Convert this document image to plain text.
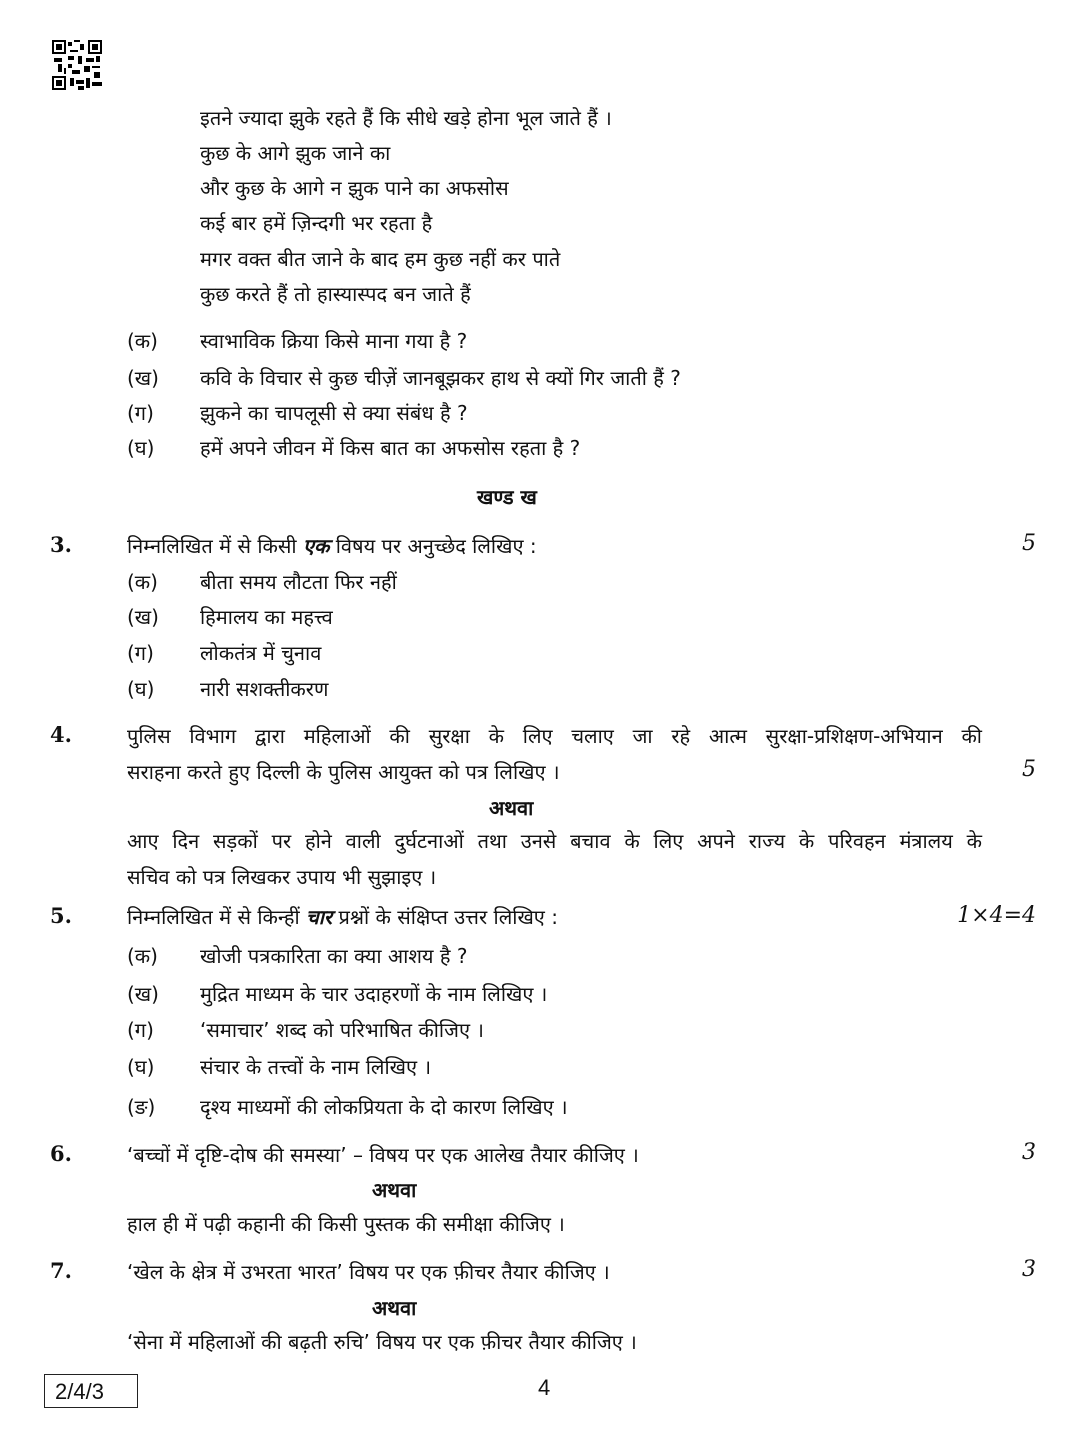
इतने ज्यादा झुके रहते हैं कि सीधे खड़े होना भूल जाते हैं ।
कुछ के आगे झुक जाने का
और कुछ के आगे न झुक पाने का अफसोस
कई बार हमें ज़िन्दगी भर रहता है
मगर वक्त बीत जाने के बाद हम कुछ नहीं कर पाते
कुछ करते हैं तो हास्यास्पद बन जाते हैं
(क) स्वाभाविक क्रिया किसे माना गया है ?
(ख) कवि के विचार से कुछ चीज़ें जानबूझकर हाथ से क्यों गिर जाती हैं ?
(ग) झुकने का चापलूसी से क्या संबंध है ?
(घ) हमें अपने जीवन में किस बात का अफसोस रहता है ?
खण्ड ख
3.	निम्नलिखित में से किसी एक विषय पर अनुच्छेद लिखिए :	5
(क) बीता समय लौटता फिर नहीं
(ख) हिमालय का महत्त्व
(ग) लोकतंत्र में चुनाव
(घ) नारी सशक्तीकरण
4.	पुलिस विभाग द्वारा महिलाओं की सुरक्षा के लिए चलाए जा रहे आत्म सुरक्षा-प्रशिक्षण-अभियान की
सराहना करते हुए दिल्ली के पुलिस आयुक्त को पत्र लिखिए ।	5
अथवा
आए दिन सड़कों पर होने वाली दुर्घटनाओं तथा उनसे बचाव के लिए अपने राज्य के परिवहन मंत्रालय के
सचिव को पत्र लिखकर उपाय भी सुझाइए ।
5.	निम्नलिखित में से किन्हीं चार प्रश्नों के संक्षिप्त उत्तर लिखिए :	1×4=4
(क) खोजी पत्रकारिता का क्या आशय है ?
(ख) मुद्रित माध्यम के चार उदाहरणों के नाम लिखिए ।
(ग) ‘समाचार’ शब्द को परिभाषित कीजिए ।
(घ) संचार के तत्त्वों के नाम लिखिए ।
(ङ) दृश्य माध्यमों की लोकप्रियता के दो कारण लिखिए ।
6.	‘बच्चों में दृष्टि-दोष की समस्या’ – विषय पर एक आलेख तैयार कीजिए ।	3
अथवा
हाल ही में पढ़ी कहानी की किसी पुस्तक की समीक्षा कीजिए ।
7.	‘खेल के क्षेत्र में उभरता भारत’ विषय पर एक फ़ीचर तैयार कीजिए ।	3
अथवा
‘सेना में महिलाओं की बढ़ती रुचि’ विषय पर एक फ़ीचर तैयार कीजिए ।
2/4/3	4
